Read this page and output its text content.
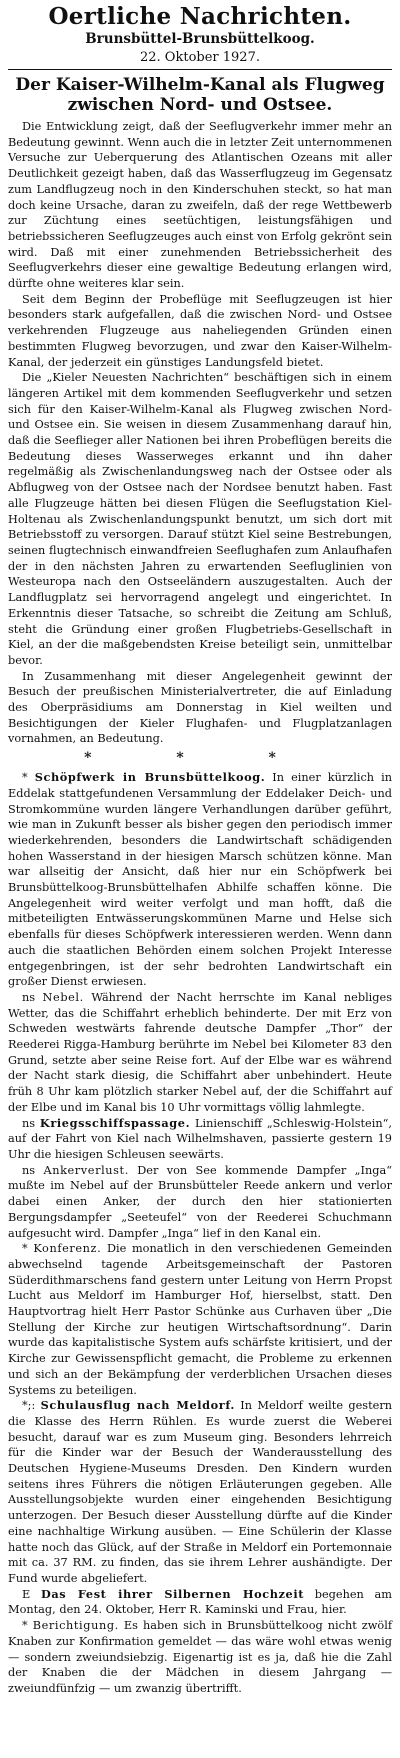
Oertliche Nachrichten.
Brunsbüttel-Brunsbüttelkoog.
22. Oktober 1927.
Der Kaiser-Wilhelm-Kanal als Flugweg zwischen Nord- und Ostsee.

Die Entwicklung zeigt, daß der Seeflugverkehr immer mehr an Bedeutung gewinnt. Wenn auch die in letzter Zeit unternommenen Versuche zur Ueberquerung des Atlantischen Ozeans mit aller Deutlichkeit gezeigt haben, daß das Wasserflugzeug im Gegensatz zum Landflugzeug noch in den Kinderschuhen steckt, so hat man doch keine Ursache, daran zu zweifeln, daß der rege Wettbewerb zur Züchtung eines seetüchtigen, leistungsfähigen und betriebssicheren Seeflugzeuges auch einst von Erfolg gekrönt sein wird. Daß mit einer zunehmenden Betriebssicherheit des Seeflugverkehrs dieser eine gewaltige Bedeutung erlangen wird, dürfte ohne weiteres klar sein.

Seit dem Beginn der Probeflüge mit Seeflugzeugen ist hier besonders stark aufgefallen, daß die zwischen Nord- und Ostsee verkehrenden Flugzeuge aus naheliegenden Gründen einen bestimmten Flugweg bevorzugen, und zwar den Kaiser-Wilhelm-Kanal, der jederzeit ein günstiges Landungsfeld bietet.

Die „Kieler Neuesten Nachrichten“ beschäftigen sich in einem längeren Artikel mit dem kommenden Seeflugverkehr und setzen sich für den Kaiser-Wilhelm-Kanal als Flugweg zwischen Nord- und Ostsee ein. Sie weisen in diesem Zusammenhang darauf hin, daß die Seeflieger aller Nationen bei ihren Probeflügen bereits die Bedeutung dieses Wasserweges erkannt und ihn daher regelmäßig als Zwischenlandungsweg nach der Ostsee oder als Abflugweg von der Ostsee nach der Nordsee benutzt haben. Fast alle Flugzeuge hätten bei diesen Flügen die Seeflugstation Kiel-Holtenau als Zwischenlandungspunkt benutzt, um sich dort mit Betriebsstoff zu versorgen. Darauf stützt Kiel seine Bestrebungen, seinen flugtechnisch einwandfreien Seeflughafen zum Anlaufhafen der in den nächsten Jahren zu erwartenden Seefluglinien von Westeuropa nach den Ostseeländern auszugestalten. Auch der Landflugplatz sei hervorragend angelegt und eingerichtet. In Erkenntnis dieser Tatsache, so schreibt die Zeitung am Schluß, steht die Gründung einer großen Flugbetriebs-Gesellschaft in Kiel, an der die maßgebendsten Kreise beteiligt sein, unmittelbar bevor.

In Zusammenhang mit dieser Angelegenheit gewinnt der Besuch der preußischen Ministerialvertreter, die auf Einladung des Oberpräsidiums am Donnerstag in Kiel weilten und Besichtigungen der Kieler Flughafen- und Flugplatzanlagen vornahmen, an Bedeutung.

* * *

* Schöpfwerk in Brunsbüttelkoog. In einer kürzlich in Eddelak stattgefundenen Versammlung der Eddelaker Deich- und Stromkommüne wurden längere Verhandlungen darüber geführt, wie man in Zukunft besser als bisher gegen den periodisch immer wiederkehrenden, besonders die Landwirtschaft schädigenden hohen Wasserstand in der hiesigen Marsch schützen könne. Man war allseitig der Ansicht, daß hier nur ein Schöpfwerk bei Brunsbüttelkoog-Brunsbüttelhafen Abhilfe schaffen könne. Die Angelegenheit wird weiter verfolgt und man hofft, daß die mitbeteiligten Entwässerungskommünen Marne und Helse sich ebenfalls für dieses Schöpfwerk interessieren werden. Wenn dann auch die staatlichen Behörden einem solchen Projekt Interesse entgegenbringen, ist der sehr bedrohten Landwirtschaft ein großer Dienst erwiesen.

ns Nebel. Während der Nacht herrschte im Kanal nebliges Wetter, das die Schiffahrt erheblich behinderte. Der mit Erz von Schweden westwärts fahrende deutsche Dampfer „Thor“ der Reederei Rigga-Hamburg berührte im Nebel bei Kilometer 83 den Grund, setzte aber seine Reise fort. Auf der Elbe war es während der Nacht stark diesig, die Schiffahrt aber unbehindert. Heute früh 8 Uhr kam plötzlich starker Nebel auf, der die Schiffahrt auf der Elbe und im Kanal bis 10 Uhr vormittags völlig lahmlegte.

ns Kriegsschiffspassage. Linienschiff „Schleswig-Holstein“, auf der Fahrt von Kiel nach Wilhelmshaven, passierte gestern 19 Uhr die hiesigen Schleusen seewärts.

ns Ankerverlust. Der von See kommende Dampfer „Inga“ mußte im Nebel auf der Brunsbütteler Reede ankern und verlor dabei einen Anker, der durch den hier stationierten Bergungsdampfer „Seeteufel“ von der Reederei Schuchmann aufgesucht wird. Dampfer „Inga“ lief in den Kanal ein.

* Konferenz. Die monatlich in den verschiedenen Gemeinden abwechselnd tagende Arbeitsgemeinschaft der Pastoren Süderdithmarschens fand gestern unter Leitung von Herrn Propst Lucht aus Meldorf im Hamburger Hof, hierselbst, statt. Den Hauptvortrag hielt Herr Pastor Schünke aus Curhaven über „Die Stellung der Kirche zur heutigen Wirtschaftsordnung“. Darin wurde das kapitalistische System aufs schärfste kritisiert, und der Kirche zur Gewissenspflicht gemacht, die Probleme zu erkennen und sich an der Bekämpfung der verderblichen Ursachen dieses Systems zu beteiligen.

*;: Schulausflug nach Meldorf. In Meldorf weilte gestern die Klasse des Herrn Rühlen. Es wurde zuerst die Weberei besucht, darauf war es zum Museum ging. Besonders lehrreich für die Kinder war der Besuch der Wanderausstellung des Deutschen Hygiene-Museums Dresden. Den Kindern wurden seitens ihres Führers die nötigen Erläuterungen gegeben. Alle Ausstellungsobjekte wurden einer eingehenden Besichtigung unterzogen. Der Besuch dieser Ausstellung dürfte auf die Kinder eine nachhaltige Wirkung ausüben. — Eine Schülerin der Klasse hatte noch das Glück, auf der Straße in Meldorf ein Portemonnaie mit ca. 37 RM. zu finden, das sie ihrem Lehrer aushändigte. Der Fund wurde abgeliefert.

E Das Fest ihrer Silbernen Hochzeit begehen am Montag, den 24. Oktober, Herr R. Kaminski und Frau, hier.

* Berichtigung. Es haben sich in Brunsbüttelkoog nicht zwölf Knaben zur Konfirmation gemeldet — das wäre wohl etwas wenig — sondern zweiundsiebzig. Eigenartig ist es ja, daß hie die Zahl der Knaben die der Mädchen in diesem Jahrgang — zweiundfünfzig — um zwanzig übertrifft.
